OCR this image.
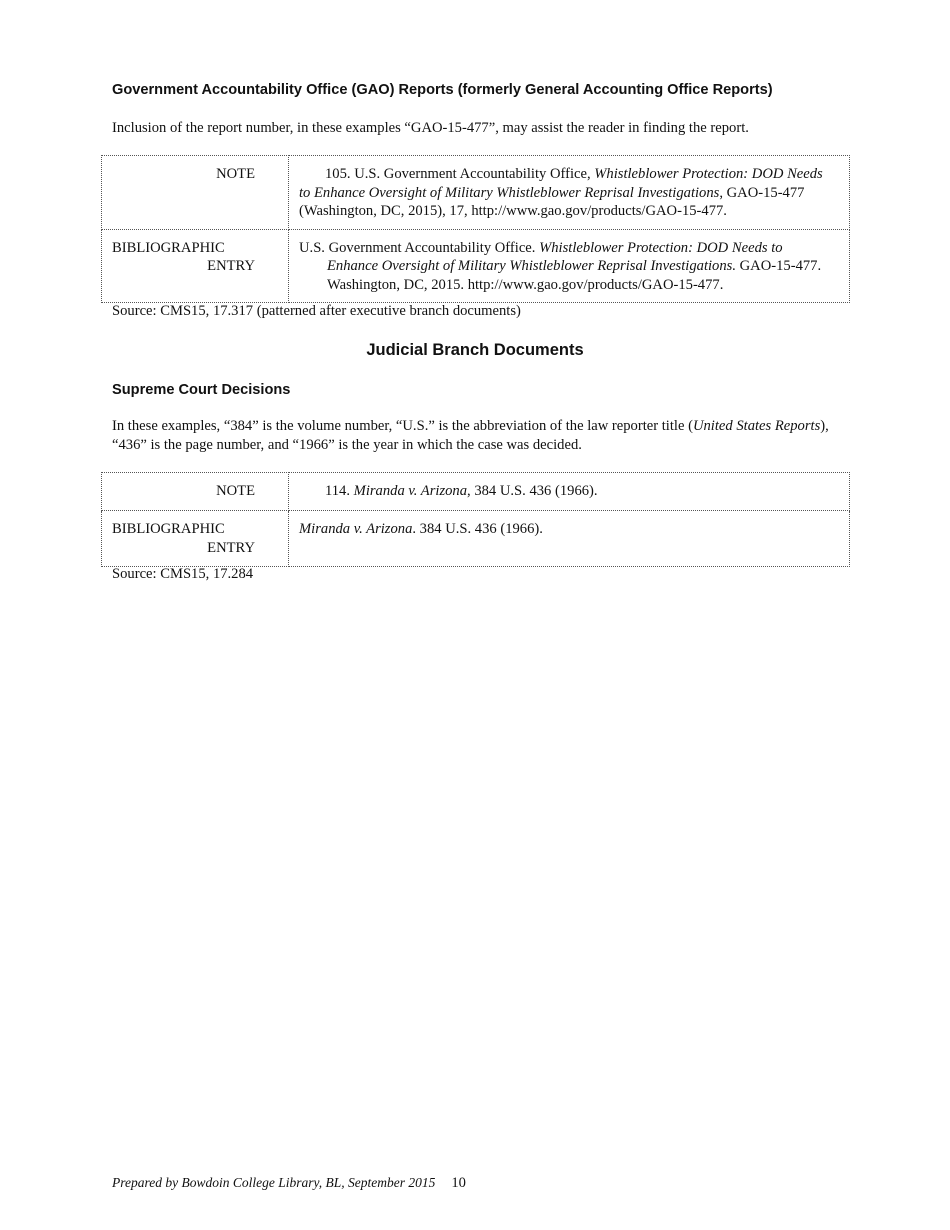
Government Accountability Office (GAO) Reports (formerly General Accounting Office Reports)

Inclusion of the report number, in these examples “GAO-15-477”, may assist the reader in finding the report.

NOTE	105. U.S. Government Accountability Office, Whistleblower Protection: DOD Needs to Enhance Oversight of Military Whistleblower Reprisal Investigations, GAO-15-477 (Washington, DC, 2015), 17, http://www.gao.gov/products/GAO-15-477.

BIBLIOGRAPHIC
ENTRY	U.S. Government Accountability Office. Whistleblower Protection: DOD Needs to Enhance Oversight of Military Whistleblower Reprisal Investigations. GAO-15-477. Washington, DC, 2015. http://www.gao.gov/products/GAO-15-477.

Source: CMS15, 17.317 (patterned after executive branch documents)

Judicial Branch Documents
Supreme Court Decisions

In these examples, “384” is the volume number, “U.S.” is the abbreviation of the law reporter title (United States Reports), “436” is the page number, and “1966” is the year in which the case was decided.

NOTE	114. Miranda v. Arizona, 384 U.S. 436 (1966).

BIBLIOGRAPHIC
ENTRY	Miranda v. Arizona. 384 U.S. 436 (1966).

Source: CMS15, 17.284

Prepared by Bowdoin College Library, BL, September 2015 10
